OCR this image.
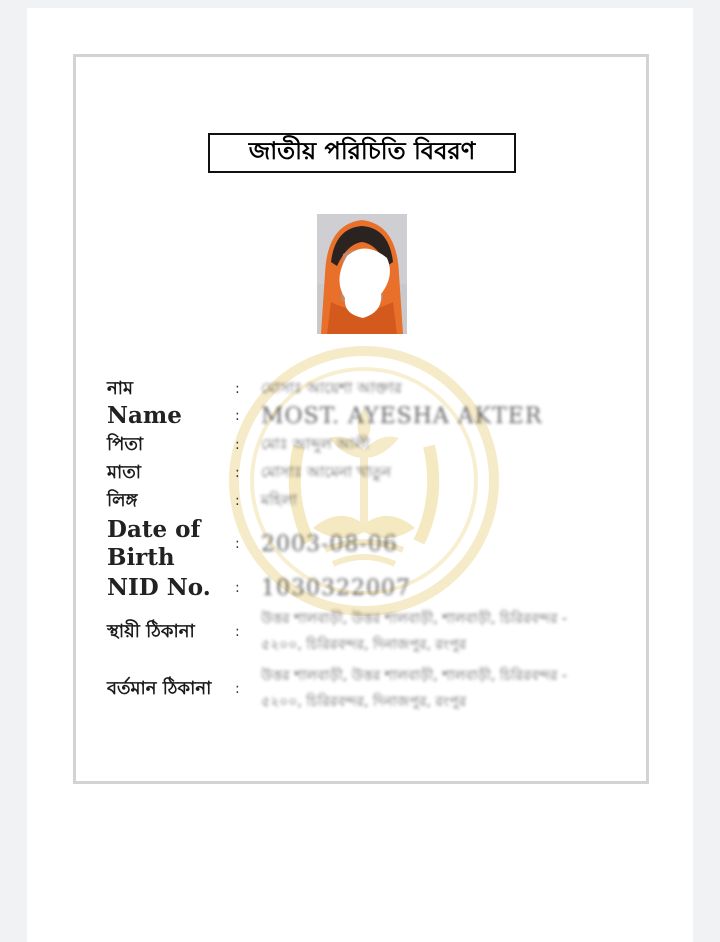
জাতীয় পরিচিতি বিবরণ
নাম	:	মোসাঃ আয়েশা আক্তার
Name	: MOST. AYESHA AKTER
পিতা	:	মোঃ আব্দুল আলী
মাতা	:	মোসাঃ আমেনা খাতুন
লিঙ্গ	:	মহিলা
Date of Birth	: 2003-08-06
NID No.	: 1030322007
স্থায়ী ঠিকানা	:
উত্তর শালবাড়ী, উত্তর শালবাড়ী, শালবাড়ী, চিরিরবন্দর - ৫২০০, চিরিরবন্দর, দিনাজপুর, রংপুর
বর্তমান ঠিকানা	:
উত্তর শালবাড়ী, উত্তর শালবাড়ী, শালবাড়ী, চিরিরবন্দর - ৫২০০, চিরিরবন্দর, দিনাজপুর, রংপুর
